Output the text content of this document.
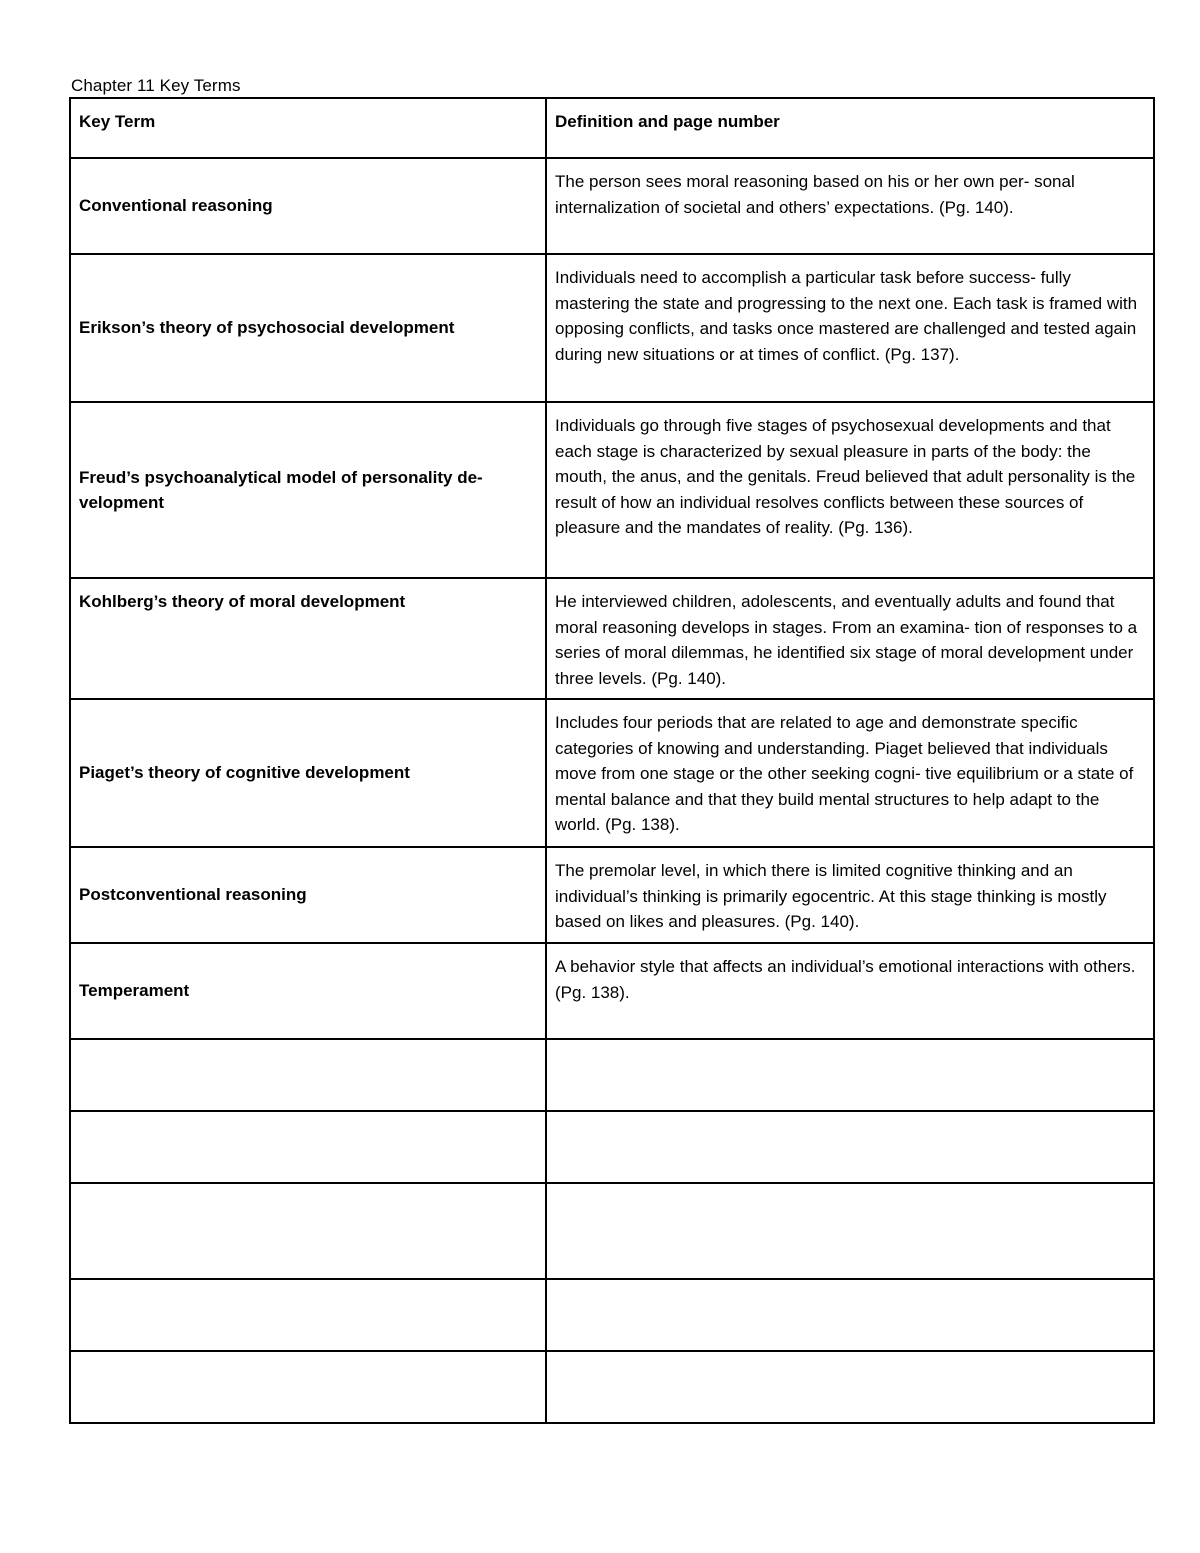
Chapter 11 Key Terms
Key Term	Definition and page number
Conventional reasoning	The person sees moral reasoning based on his or her own per- sonal internalization of societal and others’ expectations. (Pg. 140).
Erikson’s theory of psychosocial development	Individuals need to accomplish a particular task before success- fully mastering the state and progressing to the next one. Each task is framed with opposing conflicts, and tasks once mastered are challenged and tested again during new situations or at times of conflict. (Pg. 137).
Freud’s psychoanalytical model of personality de- velopment	Individuals go through five stages of psychosexual developments and that each stage is characterized by sexual pleasure in parts of the body: the mouth, the anus, and the genitals. Freud believed that adult personality is the result of how an individual resolves conflicts between these sources of pleasure and the mandates of reality. (Pg. 136).
Kohlberg’s theory of moral development	He interviewed children, adolescents, and eventually adults and found that moral reasoning develops in stages. From an examina- tion of responses to a series of moral dilemmas, he identified six stage of moral development under three levels. (Pg. 140).
Piaget’s theory of cognitive development	Includes four periods that are related to age and demonstrate specific categories of knowing and understanding. Piaget believed that individuals move from one stage or the other seeking cogni- tive equilibrium or a state of mental balance and that they build mental structures to help adapt to the world. (Pg. 138).
Postconventional reasoning	The premolar level, in which there is limited cognitive thinking and an individual’s thinking is primarily egocentric. At this stage thinking is mostly based on likes and pleasures. (Pg. 140).
Temperament	A behavior style that affects an individual’s emotional interactions with others. (Pg. 138).
